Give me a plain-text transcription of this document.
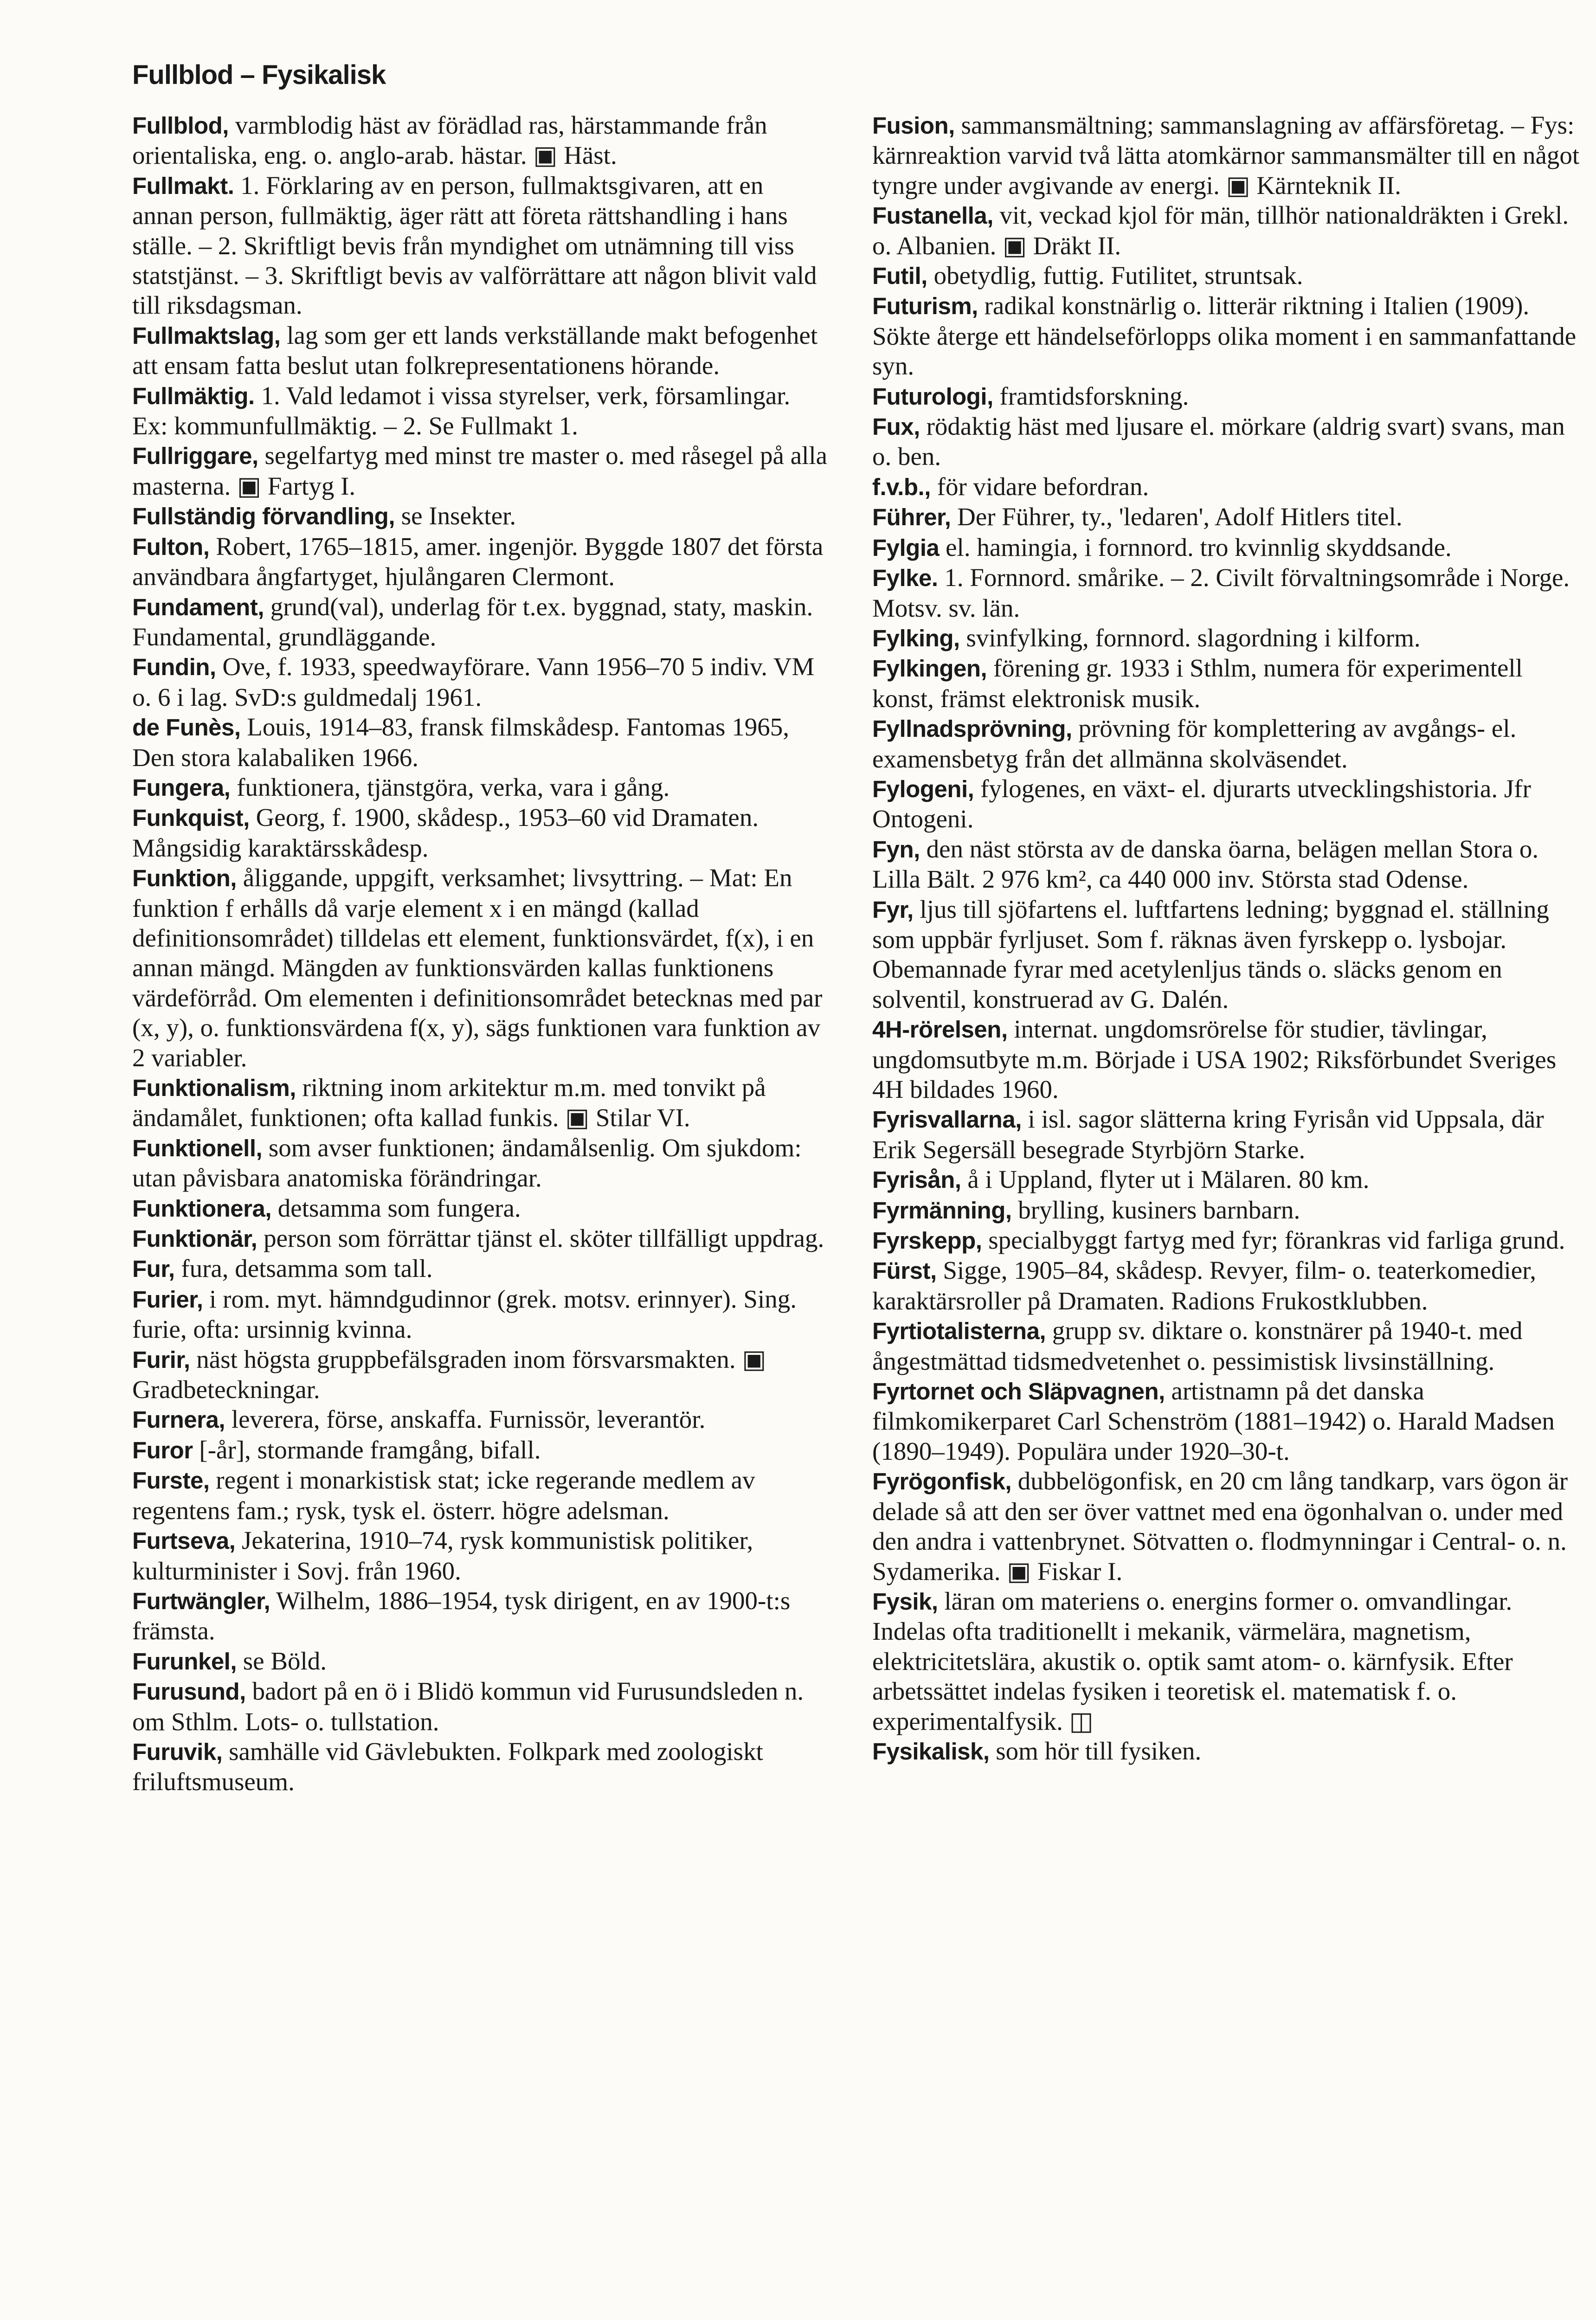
Fullblod – Fysikalisk

Fullblod, varmblodig häst av förädlad ras, härstammande från orientaliska, eng. o. anglo-arab. hästar. ▣ Häst.

Fullmakt. 1. Förklaring av en person, fullmaktsgivaren, att en annan person, fullmäktig, äger rätt att företa rättshandling i hans ställe. – 2. Skriftligt bevis från myndighet om utnämning till viss statstjänst. – 3. Skriftligt bevis av valförrättare att någon blivit vald till riksdagsman.

Fullmaktslag, lag som ger ett lands verkställande makt befogenhet att ensam fatta beslut utan folkrepresentationens hörande.

Fullmäktig. 1. Vald ledamot i vissa styrelser, verk, församlingar. Ex: kommunfullmäktig. – 2. Se Fullmakt 1.

Fullriggare, segelfartyg med minst tre master o. med råsegel på alla masterna. ▣ Fartyg I.

Fullständig förvandling, se Insekter.

Fulton, Robert, 1765–1815, amer. ingenjör. Byggde 1807 det första användbara ångfartyget, hjulångaren Clermont.

Fundament, grund(val), underlag för t.ex. byggnad, staty, maskin. Fundamental, grundläggande.

Fundin, Ove, f. 1933, speedwayförare. Vann 1956–70 5 indiv. VM o. 6 i lag. SvD:s guldmedalj 1961.

de Funès, Louis, 1914–83, fransk filmskådesp. Fantomas 1965, Den stora kalabaliken 1966.

Fungera, funktionera, tjänstgöra, verka, vara i gång.

Funkquist, Georg, f. 1900, skådesp., 1953–60 vid Dramaten. Mångsidig karaktärsskådesp.

Funktion, åliggande, uppgift, verksamhet; livsyttring. – Mat: En funktion f erhålls då varje element x i en mängd (kallad definitionsområdet) tilldelas ett element, funktionsvärdet, f(x), i en annan mängd. Mängden av funktionsvärden kallas funktionens värdeförråd. Om elementen i definitionsområdet betecknas med par (x, y), o. funktionsvärdena f(x, y), sägs funktionen vara funktion av 2 variabler.

Funktionalism, riktning inom arkitektur m.m. med tonvikt på ändamålet, funktionen; ofta kallad funkis. ▣ Stilar VI.

Funktionell, som avser funktionen; ändamålsenlig. Om sjukdom: utan påvisbara anatomiska förändringar.

Funktionera, detsamma som fungera.

Funktionär, person som förrättar tjänst el. sköter tillfälligt uppdrag.

Fur, fura, detsamma som tall.

Furier, i rom. myt. hämndgudinnor (grek. motsv. erinnyer). Sing. furie, ofta: ursinnig kvinna.

Furir, näst högsta gruppbefälsgraden inom försvarsmakten. ▣ Gradbeteckningar.

Furnera, leverera, förse, anskaffa. Furnissör, leverantör.

Furor [-år], stormande framgång, bifall.

Furste, regent i monarkistisk stat; icke regerande medlem av regentens fam.; rysk, tysk el. österr. högre adelsman.

Furtseva, Jekaterina, 1910–74, rysk kommunistisk politiker, kulturminister i Sovj. från 1960.

Furtwängler, Wilhelm, 1886–1954, tysk dirigent, en av 1900-t:s främsta.

Furunkel, se Böld.

Furusund, badort på en ö i Blidö kommun vid Furusundsleden n. om Sthlm. Lots- o. tullstation.

Furuvik, samhälle vid Gävlebukten. Folkpark med zoologiskt friluftsmuseum.

Fusion, sammansmältning; sammanslagning av affärsföretag. – Fys: kärnreaktion varvid två lätta atomkärnor sammansmälter till en något tyngre under avgivande av energi. ▣ Kärnteknik II.

Fustanella, vit, veckad kjol för män, tillhör nationaldräkten i Grekl. o. Albanien. ▣ Dräkt II.

Futil, obetydlig, futtig. Futilitet, struntsak.

Futurism, radikal konstnärlig o. litterär riktning i Italien (1909). Sökte återge ett händelseförlopps olika moment i en sammanfattande syn.

Futurologi, framtidsforskning.

Fux, rödaktig häst med ljusare el. mörkare (aldrig svart) svans, man o. ben.

f.v.b., för vidare befordran.

Führer, Der Führer, ty., 'ledaren', Adolf Hitlers titel.

Fylgia el. hamingia, i fornnord. tro kvinnlig skyddsande.

Fylke. 1. Fornnord. smårike. – 2. Civilt förvaltningsområde i Norge. Motsv. sv. län.

Fylking, svinfylking, fornnord. slagordning i kilform.

Fylkingen, förening gr. 1933 i Sthlm, numera för experimentell konst, främst elektronisk musik.

Fyllnadsprövning, prövning för komplettering av avgångs- el. examensbetyg från det allmänna skolväsendet.

Fylogeni, fylogenes, en växt- el. djurarts utvecklingshistoria. Jfr Ontogeni.

Fyn, den näst största av de danska öarna, belägen mellan Stora o. Lilla Bält. 2 976 km², ca 440 000 inv. Största stad Odense.

Fyr, ljus till sjöfartens el. luftfartens ledning; byggnad el. ställning som uppbär fyrljuset. Som f. räknas även fyrskepp o. lysbojar. Obemannade fyrar med acetylenljus tänds o. släcks genom en solventil, konstruerad av G. Dalén.

4H-rörelsen, internat. ungdomsrörelse för studier, tävlingar, ungdomsutbyte m.m. Började i USA 1902; Riksförbundet Sveriges 4H bildades 1960.

Fyrisvallarna, i isl. sagor slätterna kring Fyrisån vid Uppsala, där Erik Segersäll besegrade Styrbjörn Starke.

Fyrisån, å i Uppland, flyter ut i Mälaren. 80 km.

Fyrmänning, brylling, kusiners barnbarn.

Fyrskepp, specialbyggt fartyg med fyr; förankras vid farliga grund.

Fürst, Sigge, 1905–84, skådesp. Revyer, film- o. teaterkomedier, karaktärsroller på Dramaten. Radions Frukostklubben.

Fyrtiotalisterna, grupp sv. diktare o. konstnärer på 1940-t. med ångestmättad tidsmedvetenhet o. pessimistisk livsinställning.

Fyrtornet och Släpvagnen, artistnamn på det danska filmkomikerparet Carl Schenström (1881–1942) o. Harald Madsen (1890–1949). Populära under 1920–30-t.

Fyrögonfisk, dubbelögonfisk, en 20 cm lång tandkarp, vars ögon är delade så att den ser över vattnet med ena ögonhalvan o. under med den andra i vattenbrynet. Sötvatten o. flodmynningar i Central- o. n. Sydamerika. ▣ Fiskar I.

Fysik, läran om materiens o. energins former o. omvandlingar. Indelas ofta traditionellt i mekanik, värmelära, magnetism, elektricitetslära, akustik o. optik samt atom- o. kärnfysik. Efter arbetssättet indelas fysiken i teoretisk el. matematisk f. o. experimentalfysik. ◫

Fysikalisk, som hör till fysiken.
